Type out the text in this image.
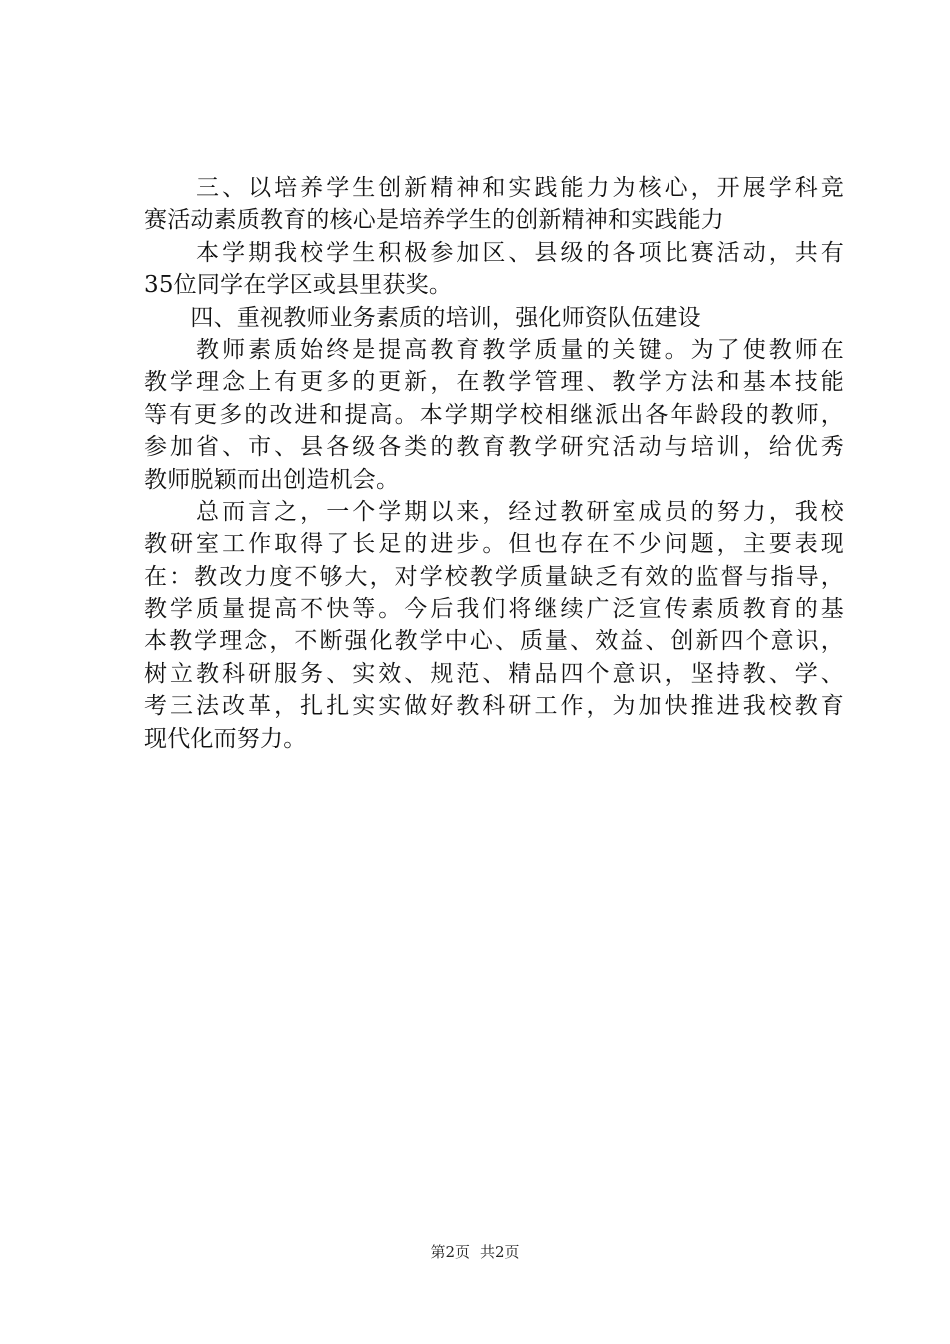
　　三、以培养学生创新精神和实践能力为核心，开展学科竞
赛活动素质教育的核心是培养学生的创新精神和实践能力
　　本学期我校学生积极参加区、县级的各项比赛活动，共有
35位同学在学区或县里获奖。
　　四、重视教师业务素质的培训，强化师资队伍建设
　　教师素质始终是提高教育教学质量的关键。为了使教师在
教学理念上有更多的更新，在教学管理、教学方法和基本技能
等有更多的改进和提高。本学期学校相继派出各年龄段的教师，
参加省、市、县各级各类的教育教学研究活动与培训，给优秀
教师脱颖而出创造机会。
　　总而言之，一个学期以来，经过教研室成员的努力，我校
教研室工作取得了长足的进步。但也存在不少问题，主要表现
在：教改力度不够大，对学校教学质量缺乏有效的监督与指导，
教学质量提高不快等。今后我们将继续广泛宣传素质教育的基
本教学理念，不断强化教学中心、质量、效益、创新四个意识，
树立教科研服务、实效、规范、精品四个意识，坚持教、学、
考三法改革，扎扎实实做好教科研工作，为加快推进我校教育
现代化而努力。
第2页 共2页
